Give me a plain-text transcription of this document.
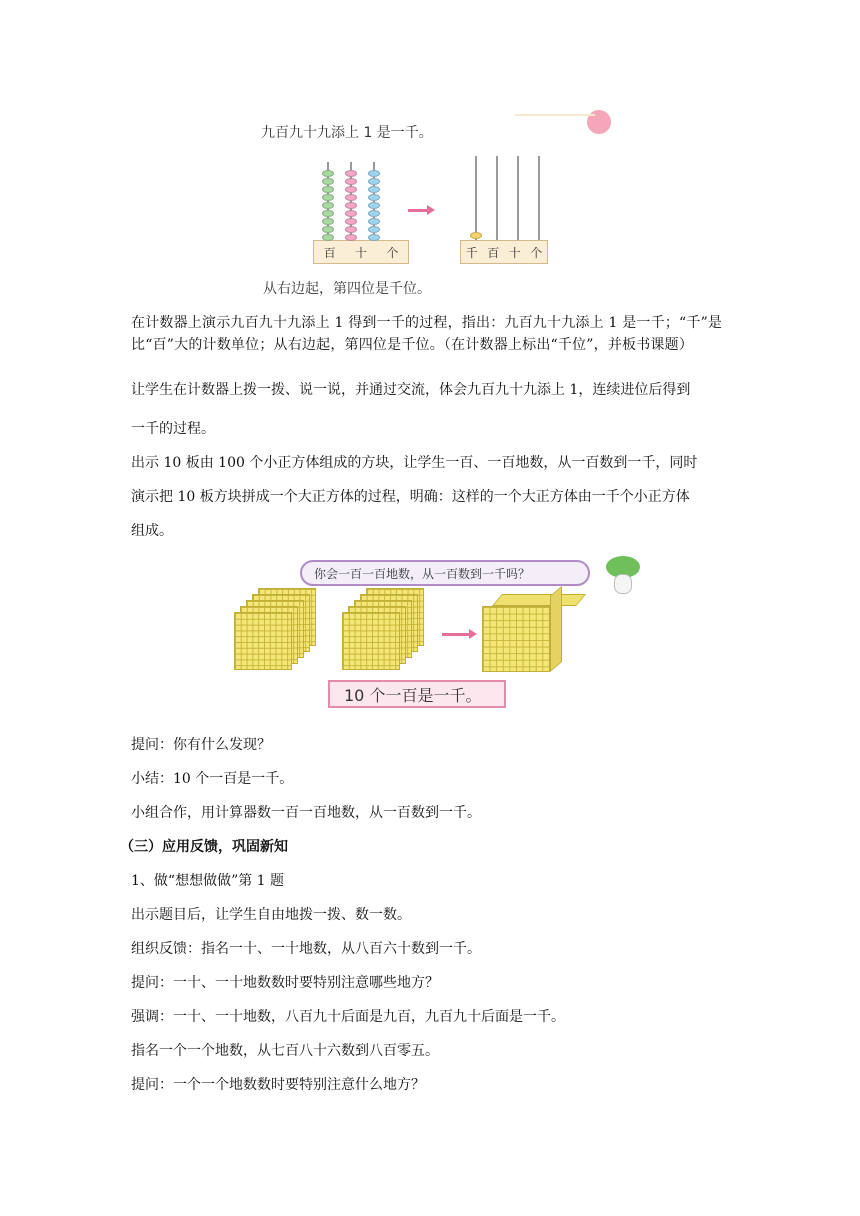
九百九十九添上 1 是一千。
百 十 个	千 百 十 个
从右边起，第四位是千位。
在计数器上演示九百九十九添上 1 得到一千的过程，指出：九百九十九添上 1 是一千；“千”是比“百”大的计数单位；从右边起，第四位是千位。（在计数器上标出“千位”，并板书课题）
让学生在计数器上拨一拨、说一说，并通过交流，体会九百九十九添上 1，连续进位后得到
一千的过程。
出示 10 板由 100 个小正方体组成的方块，让学生一百、一百地数，从一百数到一千，同时
演示把 10 板方块拼成一个大正方体的过程，明确：这样的一个大正方体由一千个小正方体
组成。
你会一百一百地数，从一百数到一千吗？
10 个一百是一千。
提问：你有什么发现？
小结：10 个一百是一千。
小组合作，用计算器数一百一百地数，从一百数到一千。
（三）应用反馈，巩固新知
1、做“想想做做”第 1 题
出示题目后，让学生自由地拨一拨、数一数。
组织反馈：指名一十、一十地数，从八百六十数到一千。
提问：一十、一十地数数时要特别注意哪些地方？
强调：一十、一十地数，八百九十后面是九百，九百九十后面是一千。
指名一个一个地数，从七百八十六数到八百零五。
提问：一个一个地数数时要特别注意什么地方？
